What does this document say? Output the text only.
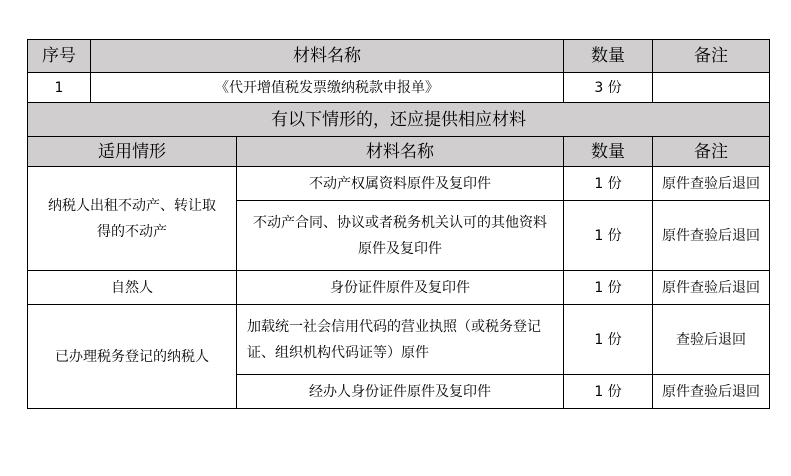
序号	材料名称		数量	备注
1	《代开增值税发票缴纳税款申报单》		3 份	
有以下情形的，还应提供相应材料				
适用情形		材料名称	数量	备注
纳税人出租不动产、转让取得的不动产		不动产权属资料原件及复印件	1 份	原件查验后退回
		不动产合同、协议或者税务机关认可的其他资料原件及复印件	1 份	原件查验后退回
自然人		身份证件原件及复印件	1 份	原件查验后退回
已办理税务登记的纳税人		加载统一社会信用代码的营业执照（或税务登记证、组织机构代码证等）原件	1 份	查验后退回
		经办人身份证件原件及复印件	1 份	原件查验后退回
